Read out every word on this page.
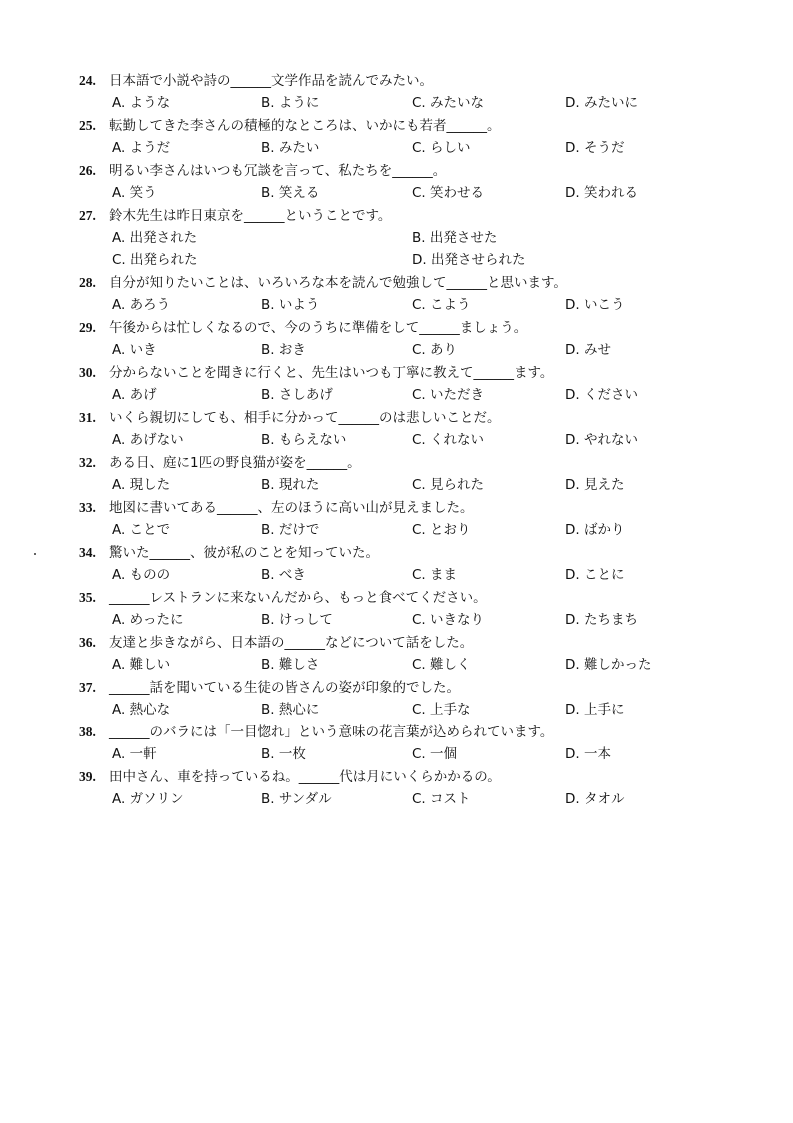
24. 日本語で小説や詩の______文学作品を読んでみたい。
A. ような	B. ように	C. みたいな	D. みたいに
25. 転勤してきた李さんの積極的なところは、いかにも若者______。
A. ようだ	B. みたい	C. らしい	D. そうだ
26. 明るい李さんはいつも冗談を言って、私たちを______。
A. 笑う	B. 笑える	C. 笑わせる	D. 笑われる
27. 鈴木先生は昨日東京を______ということです。
A. 出発された	B. 出発させた
C. 出発られた	D. 出発させられた
28. 自分が知りたいことは、いろいろな本を読んで勉強して______と思います。
A. あろう	B. いよう	C. こよう	D. いこう
29. 午後からは忙しくなるので、今のうちに準備をして______ましょう。
A. いき	B. おき	C. あり	D. みせ
30. 分からないことを聞きに行くと、先生はいつも丁寧に教えて______ます。
A. あげ	B. さしあげ	C. いただき	D. ください
31. いくら親切にしても、相手に分かって______のは悲しいことだ。
A. あげない	B. もらえない	C. くれない	D. やれない
32. ある日、庭に1匹の野良猫が姿を______。
A. 現した	B. 現れた	C. 見られた	D. 見えた
33. 地図に書いてある______、左のほうに高い山が見えました。
A. ことで	B. だけで	C. とおり	D. ばかり
34. 驚いた______、彼が私のことを知っていた。
A. ものの	B. べき	C. まま	D. ことに
35. ______レストランに来ないんだから、もっと食べてください。
A. めったに	B. けっして	C. いきなり	D. たちまち
36. 友達と歩きながら、日本語の______などについて話をした。
A. 難しい	B. 難しさ	C. 難しく	D. 難しかった
37. ______話を聞いている生徒の皆さんの姿が印象的でした。
A. 熱心な	B. 熱心に	C. 上手な	D. 上手に
38. ______のバラには「一目惚れ」という意味の花言葉が込められています。
A. 一軒	B. 一枚	C. 一個	D. 一本
39. 田中さん、車を持っているね。______代は月にいくらかかるの。
A. ガソリン	B. サンダル	C. コスト	D. タオル
